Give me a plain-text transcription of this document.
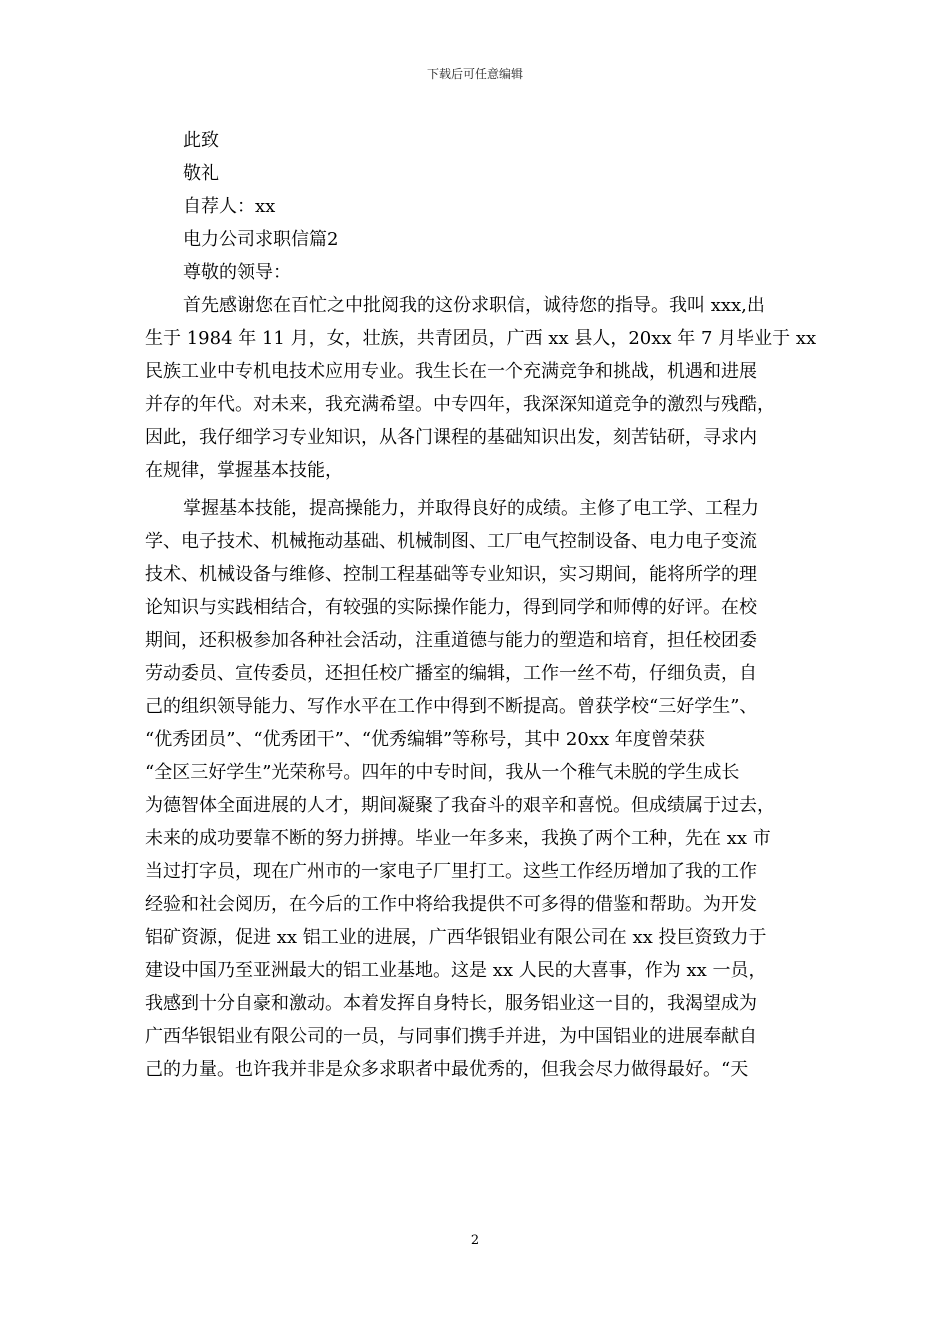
下载后可任意编辑
此致
敬礼
自荐人：xx
电力公司求职信篇2
尊敬的领导：
首先感谢您在百忙之中批阅我的这份求职信，诚待您的指导。我叫 xxx,出
生于 1984 年 11 月，女，壮族，共青团员，广西 xx 县人，20xx 年 7 月毕业于 xx
民族工业中专机电技术应用专业。我生长在一个充满竞争和挑战，机遇和进展
并存的年代。对未来，我充满希望。中专四年，我深深知道竞争的激烈与残酷，
因此，我仔细学习专业知识，从各门课程的基础知识出发，刻苦钻研，寻求内
在规律，掌握基本技能，
掌握基本技能，提高操能力，并取得良好的成绩。主修了电工学、工程力
学、电子技术、机械拖动基础、机械制图、工厂电气控制设备、电力电子变流
技术、机械设备与维修、控制工程基础等专业知识，实习期间，能将所学的理
论知识与实践相结合，有较强的实际操作能力，得到同学和师傅的好评。在校
期间，还积极参加各种社会活动，注重道德与能力的塑造和培育，担任校团委
劳动委员、宣传委员，还担任校广播室的编辑，工作一丝不苟，仔细负责，自
己的组织领导能力、写作水平在工作中得到不断提高。曾获学校“三好学生”、
“优秀团员”、“优秀团干”、“优秀编辑”等称号，其中 20xx 年度曾荣获
“全区三好学生”光荣称号。四年的中专时间，我从一个稚气未脱的学生成长
为德智体全面进展的人才，期间凝聚了我奋斗的艰辛和喜悦。但成绩属于过去，
未来的成功要靠不断的努力拼搏。毕业一年多来，我换了两个工种，先在 xx 市
当过打字员，现在广州市的一家电子厂里打工。这些工作经历增加了我的工作
经验和社会阅历，在今后的工作中将给我提供不可多得的借鉴和帮助。为开发
铝矿资源，促进 xx 铝工业的进展，广西华银铝业有限公司在 xx 投巨资致力于
建设中国乃至亚洲最大的铝工业基地。这是 xx 人民的大喜事，作为 xx 一员，
我感到十分自豪和激动。本着发挥自身特长，服务铝业这一目的，我渴望成为
广西华银铝业有限公司的一员，与同事们携手并进，为中国铝业的进展奉献自
己的力量。也许我并非是众多求职者中最优秀的，但我会尽力做得最好。“天
2
